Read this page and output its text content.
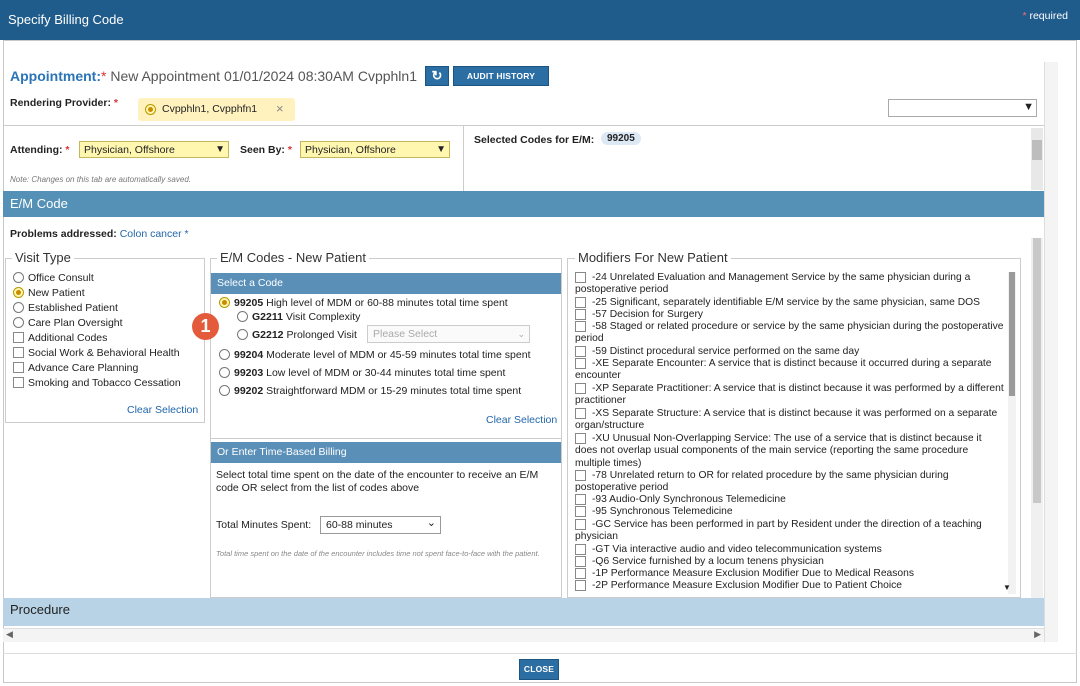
Specify Billing Code	* required
Appointment:* New Appointment 01/01/2024 08:30AM Cvpphln1	↻	AUDIT HISTORY
Rendering Provider: *	Cvpphln1, Cvpphfn1 ×	▼
Attending: *	Physician, Offshore	▼ Seen By: *	Physician, Offshore	▼
Note: Changes on this tab are automatically saved.
Selected Codes for E/M:	99205
E/M Code
Problems addressed: Colon cancer *
Visit Type
Office Consult
New Patient
Established Patient
Care Plan Oversight
Additional Codes
Social Work & Behavioral Health
Advance Care Planning
Smoking and Tobacco Cessation
Clear Selection
E/M Codes - New Patient
Select a Code
99205 High level of MDM or 60-88 minutes total time spent
G2211 Visit Complexity
G2212 Prolonged Visit	Please Select	⌄
99204 Moderate level of MDM or 45-59 minutes total time spent
99203 Low level of MDM or 30-44 minutes total time spent
99202 Straightforward MDM or 15-29 minutes total time spent
Clear Selection
Or Enter Time-Based Billing
Select total time spent on the date of the encounter to receive an E/M code OR select from the list of codes above
Total Minutes Spent:	60-88 minutes	⌄
Total time spent on the date of the encounter includes time not spent face-to-face with the patient.
1
Modifiers For New Patient
▼
-24 Unrelated Evaluation and Management Service by the same physician during a postoperative period
-25 Significant, separately identifiable E/M service by the same physician, same DOS
-57 Decision for Surgery
-58 Staged or related procedure or service by the same physician during the postoperative period
-59 Distinct procedural service performed on the same day
-XE Separate Encounter: A service that is distinct because it occurred during a separate encounter
-XP Separate Practitioner: A service that is distinct because it was performed by a different practitioner
-XS Separate Structure: A service that is distinct because it was performed on a separate organ/structure
-XU Unusual Non-Overlapping Service: The use of a service that is distinct because it does not overlap usual components of the main service (reporting the same procedure multiple times)
-78 Unrelated return to OR for related procedure by the same physician during postoperative period
-93 Audio-Only Synchronous Telemedicine
-95 Synchronous Telemedicine
-GC Service has been performed in part by Resident under the direction of a teaching physician
-GT Via interactive audio and video telecommunication systems
-Q6 Service furnished by a locum tenens physician
-1P Performance Measure Exclusion Modifier Due to Medical Reasons
-2P Performance Measure Exclusion Modifier Due to Patient Choice
Procedure
◀	▶
CLOSE
